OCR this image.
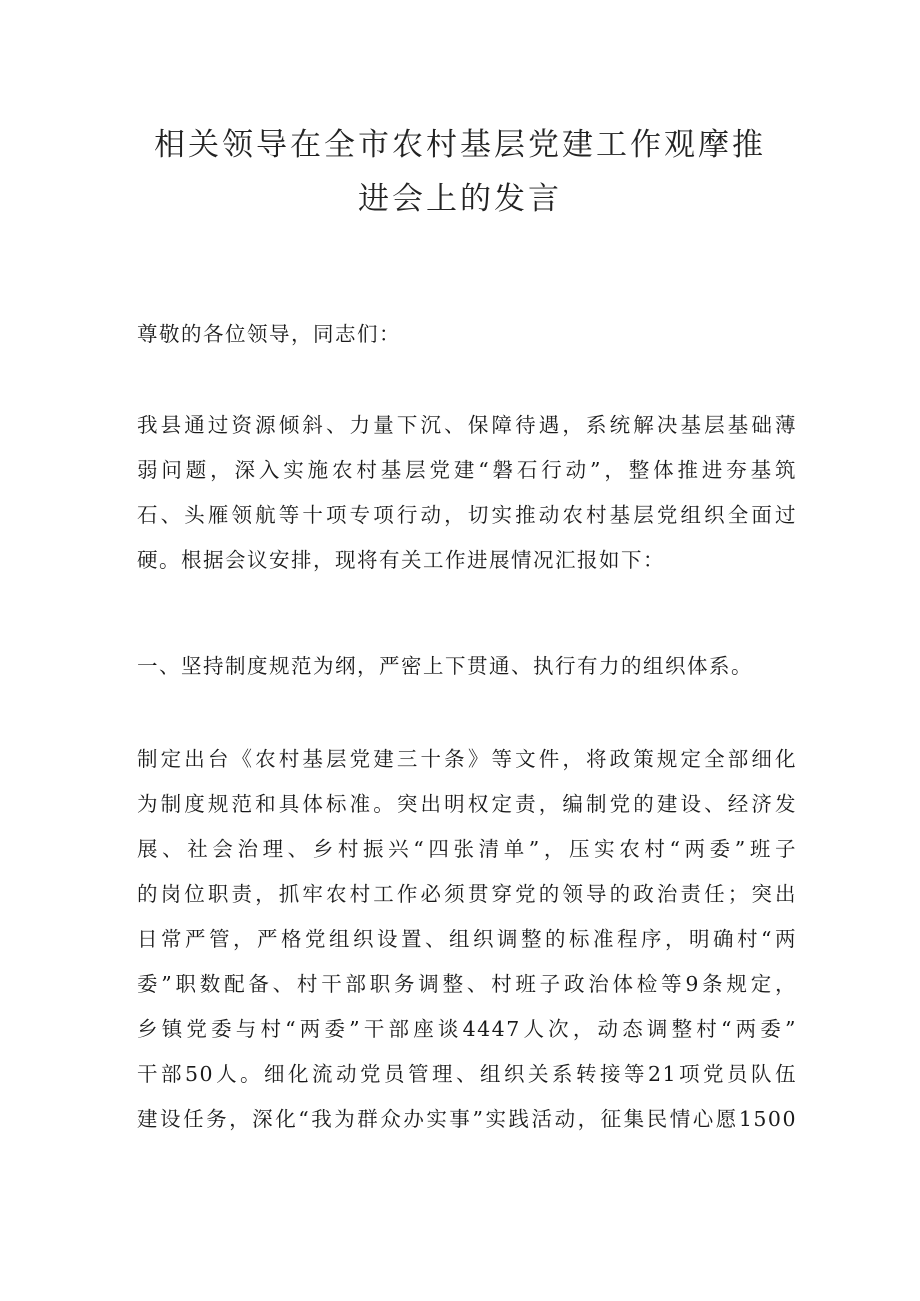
相关领导在全市农村基层党建工作观摩推
进会上的发言

尊敬的各位领导，同志们：

我县通过资源倾斜、力量下沉、保障待遇，系统解决基层基础薄
弱问题，深入实施农村基层党建“磐石行动”，整体推进夯基筑
石、头雁领航等十项专项行动，切实推动农村基层党组织全面过
硬。根据会议安排，现将有关工作进展情况汇报如下：

一、坚持制度规范为纲，严密上下贯通、执行有力的组织体系。

制定出台《农村基层党建三十条》等文件，将政策规定全部细化
为制度规范和具体标准。突出明权定责，编制党的建设、经济发
展、社会治理、乡村振兴“四张清单”，压实农村“两委”班子
的岗位职责，抓牢农村工作必须贯穿党的领导的政治责任；突出
日常严管，严格党组织设置、组织调整的标准程序，明确村“两
委”职数配备、村干部职务调整、村班子政治体检等9条规定，
乡镇党委与村“两委”干部座谈4447人次，动态调整村“两委”
干部50人。细化流动党员管理、组织关系转接等21项党员队伍
建设任务，深化“我为群众办实事”实践活动，征集民情心愿1500
